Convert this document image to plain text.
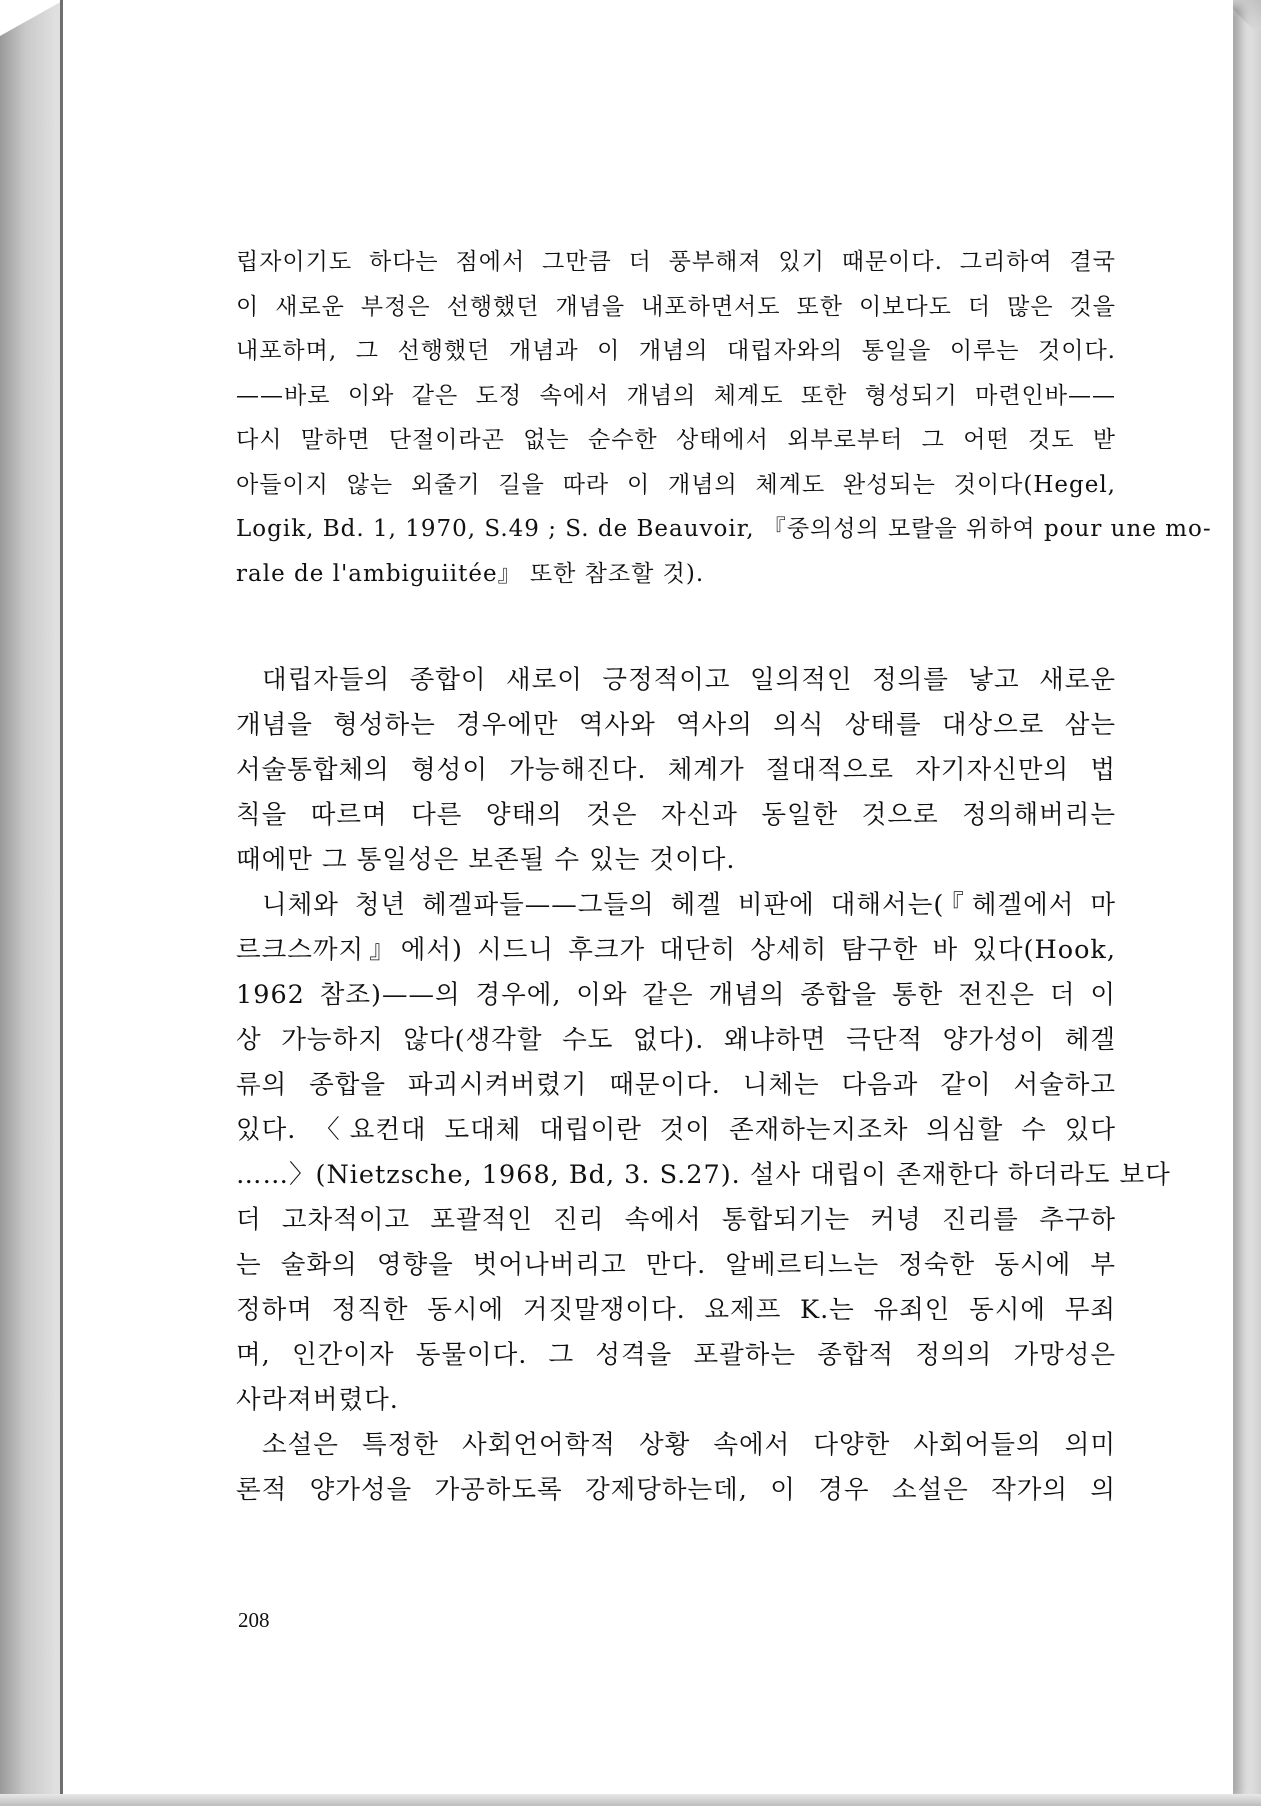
립자이기도 하다는 점에서 그만큼 더 풍부해져 있기 때문이다. 그리하여 결국
이 새로운 부정은 선행했던 개념을 내포하면서도 또한 이보다도 더 많은 것을
내포하며, 그 선행했던 개념과 이 개념의 대립자와의 통일을 이루는 것이다.
——바로 이와 같은 도정 속에서 개념의 체계도 또한 형성되기 마련인바——
다시 말하면 단절이라곤 없는 순수한 상태에서 외부로부터 그 어떤 것도 받
아들이지 않는 외줄기 길을 따라 이 개념의 체계도 완성되는 것이다(Hegel,
Logik, Bd. 1, 1970, S.49 ; S. de Beauvoir, 『중의성의 모랄을 위하여 pour une mo-
rale de l'ambiguiitée』 또한 참조할 것).
대립자들의 종합이 새로이 긍정적이고 일의적인 정의를 낳고 새로운
개념을 형성하는 경우에만 역사와 역사의 의식 상태를 대상으로 삼는
서술통합체의 형성이 가능해진다. 체계가 절대적으로 자기자신만의 법
칙을 따르며 다른 양태의 것은 자신과 동일한 것으로 정의해버리는
때에만 그 통일성은 보존될 수 있는 것이다.
니체와 청년 헤겔파들——그들의 헤겔 비판에 대해서는(『헤겔에서 마
르크스까지』에서) 시드니 후크가 대단히 상세히 탐구한 바 있다(Hook,
1962 참조)——의 경우에, 이와 같은 개념의 종합을 통한 전진은 더 이
상 가능하지 않다(생각할 수도 없다). 왜냐하면 극단적 양가성이 헤겔
류의 종합을 파괴시켜버렸기 때문이다. 니체는 다음과 같이 서술하고
있다. 〈요컨대 도대체 대립이란 것이 존재하는지조차 의심할 수 있다
……〉(Nietzsche, 1968, Bd, 3. S.27). 설사 대립이 존재한다 하더라도 보다
더 고차적이고 포괄적인 진리 속에서 통합되기는 커녕 진리를 추구하
는 술화의 영향을 벗어나버리고 만다. 알베르티느는 정숙한 동시에 부
정하며 정직한 동시에 거짓말쟁이다. 요제프 K.는 유죄인 동시에 무죄
며, 인간이자 동물이다. 그 성격을 포괄하는 종합적 정의의 가망성은
사라져버렸다.
소설은 특정한 사회언어학적 상황 속에서 다양한 사회어들의 의미
론적 양가성을 가공하도록 강제당하는데, 이 경우 소설은 작가의 의
208
